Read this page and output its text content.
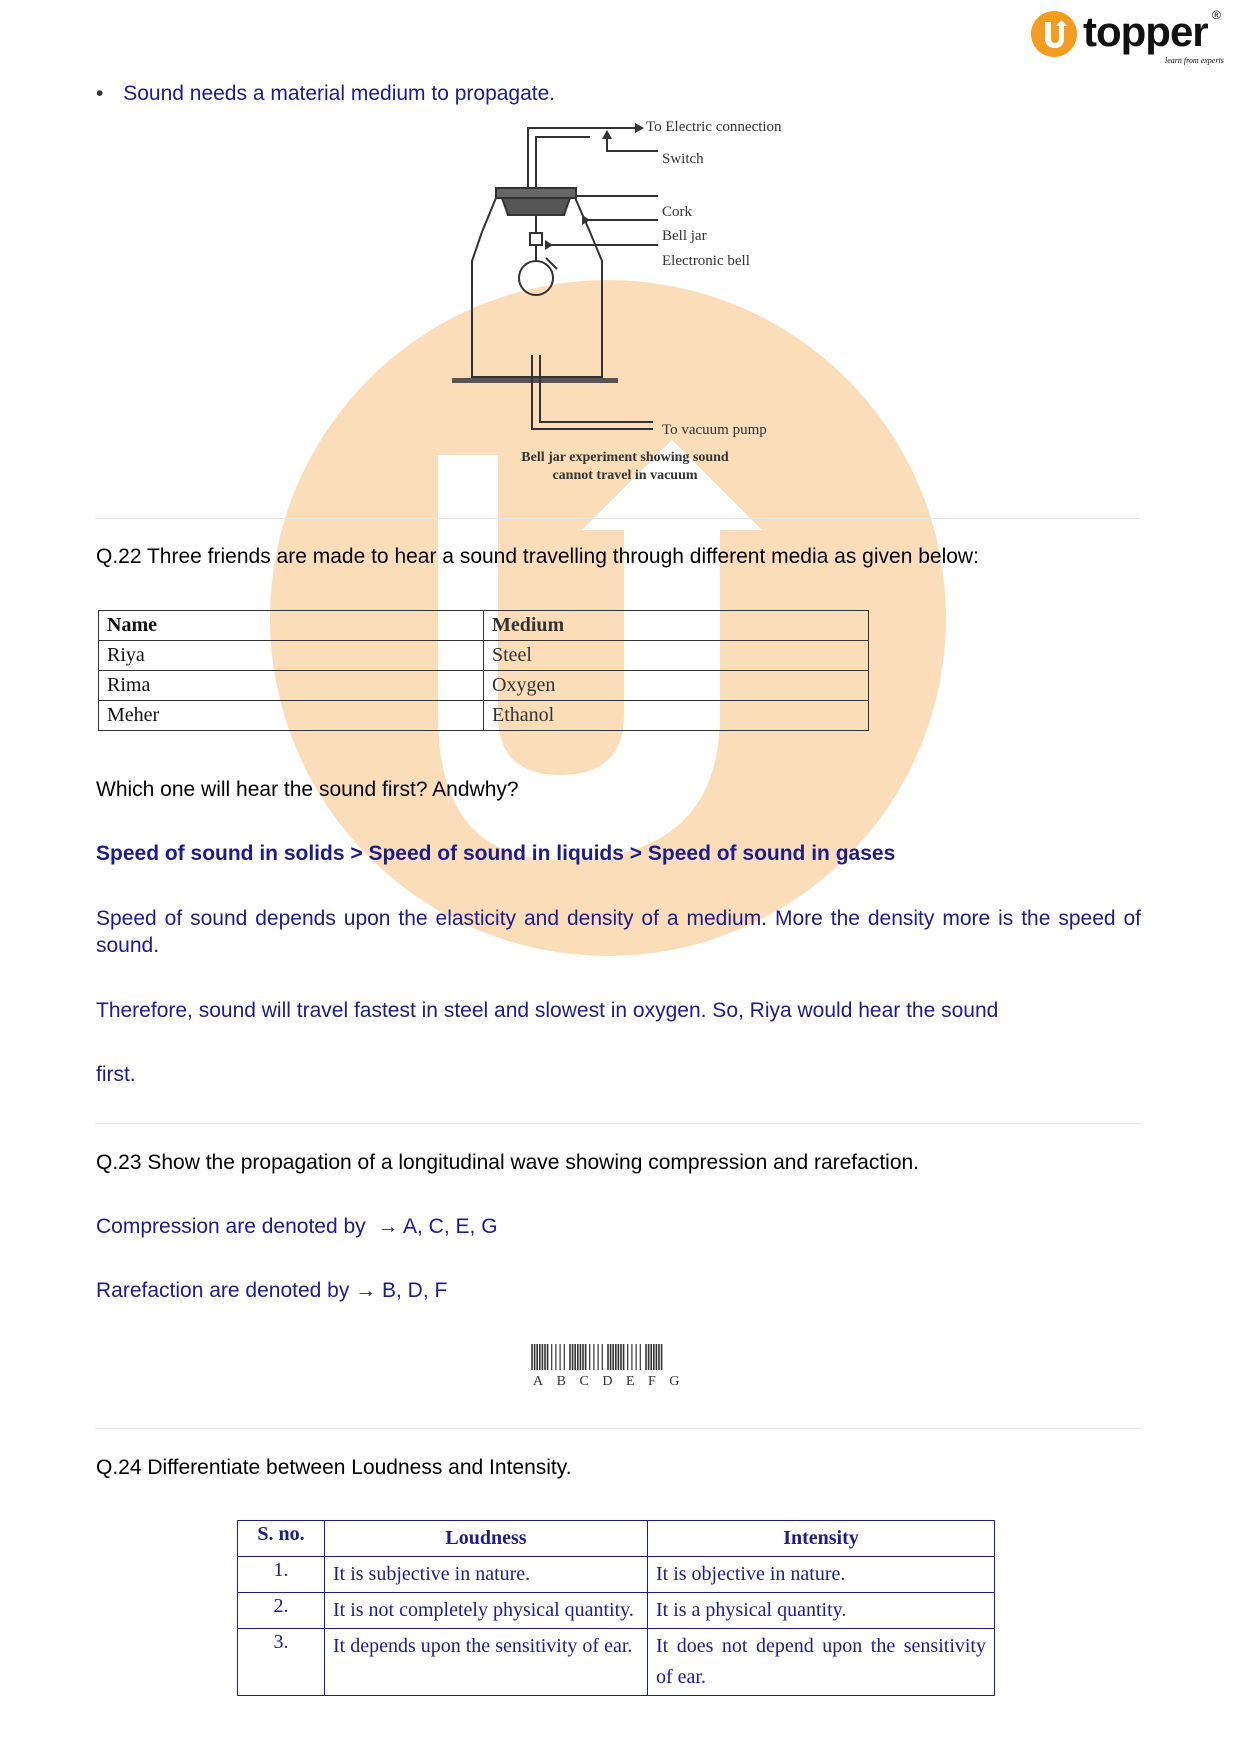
topper ®
learn from experts
• Sound needs a material medium to propagate.
To Electric connection
Switch
Cork
Bell jar
Electronic bell
To vacuum pump
Bell jar experiment showing sound
cannot travel in vacuum
Q.22 Three friends are made to hear a sound travelling through different media as given below:
Name	Medium
Riya	Steel
Rima	Oxygen
Meher	Ethanol
Which one will hear the sound first? Andwhy?
Speed of sound in solids > Speed of sound in liquids > Speed of sound in gases
Speed of sound depends upon the elasticity and density of a medium. More the density more is the speed of sound.
Therefore, sound will travel fastest in steel and slowest in oxygen. So, Riya would hear the sound
first.
Q.23 Show the propagation of a longitudinal wave showing compression and rarefaction.
Compression are denoted by  → A, C, E, G
Rarefaction are denoted by → B, D, F
A B C D E F G
Q.24 Differentiate between Loudness and Intensity.
S. no.	Loudness	Intensity
1.	It is subjective in nature.	It is objective in nature.
2.	It is not completely physical quantity.	It is a physical quantity.
3.	It depends upon the sensitivity of ear.	It does not depend upon the sensitivity of ear.
